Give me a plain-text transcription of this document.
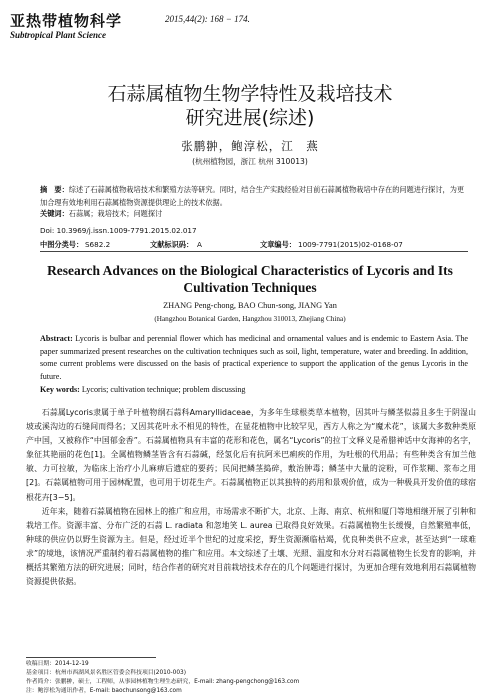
亚热带植物科学
Subtropical Plant Science
2015,44(2): 168 − 174.
石蒜属植物生物学特性及栽培技术
研究进展(综述)
张鹏翀，鲍淳松，江　燕
(杭州植物园，浙江 杭州 310013)
摘　要：综述了石蒜属植物栽培技术和繁殖方法等研究。同时，结合生产实践经验对目前石蒜属植物栽培中存在的问题进行探讨，为更加合理有效地利用石蒜属植物资源提供理论上的技术依据。
关键词：石蒜属；栽培技术；问题探讨
Doi: 10.3969/j.issn.1009-7791.2015.02.017
中图分类号： S682.2	文献标识码： A	文章编号： 1009-7791(2015)02-0168-07
Research Advances on the Biological Characteristics of Lycoris and Its
Cultivation Techniques
ZHANG Peng-chong, BAO Chun-song, JIANG Yan
(Hangzhou Botanical Garden, Hangzhou 310013, Zhejiang China)
Abstract: Lycoris is bulbar and perennial flower which has medicinal and ornamental values and is endemic to Eastern Asia. The paper summarized present researches on the cultivation techniques such as soil, light, temperature, water and breeding. In addition, some current problems were discussed on the basis of practical experience to support the application of the genus Lycoris in the future.
Key words: Lycoris; cultivation technique; problem discussing

石蒜属Lycoris隶属于单子叶植物纲石蒜科Amaryllidaceae，为多年生球根类草本植物，因其叶与鳞茎似蒜且多生于阴湿山坡或溪沟边的石缝间而得名；又因其花叶永不相见的特性，在显花植物中比较罕见，西方人称之为“魔术花”，该属大多数种类原产中国，又被称作“中国郁金香”。石蒜属植物具有丰富的花形和花色，属名“Lycoris”的拉丁文释义是希腊神话中女海神的名字，象征其艳丽的花色[1]。全属植物鳞茎皆含有石蒜碱，经氢化后有抗阿米巴痢疾的作用，为吐根的代用品；有些种类含有加兰他敏、力可拉敏，为临床上治疗小儿麻痹后遗症的要药；民间把鳞茎捣碎，敷治肿毒；鳞茎中大量的淀粉，可作浆糊、浆布之用[2]。石蒜属植物可用于园林配置，也可用于切花生产。石蒜属植物正以其独特的药用和景观价值，成为一种极具开发价值的球宿根花卉[3−5]。

近年来，随着石蒜属植物在园林上的推广和应用，市场需求不断扩大，北京、上海、南京、杭州和厦门等地相继开展了引种和栽培工作。资源丰富、分布广泛的石蒜 L. radiata 和忽地笑 L. aurea 已取得良好效果。石蒜属植物生长缓慢，自然繁殖率低，种球的供应仍以野生资源为主。但是，经过近半个世纪的过度采挖，野生资源濒临枯竭，优良种类供不应求，甚至达到“一球难求”的境地，该情况严重制约着石蒜属植物的推广和应用。本文综述了土壤、光照、温度和水分对石蒜属植物生长发育的影响，并概括其繁殖方法的研究进展；同时，结合作者的研究对目前栽培技术存在的几个问题进行探讨，为更加合理有效地利用石蒜属植物资源提供依据。

收稿日期：2014-12-19
基金项目：杭州市西湖风景名胜区管委会科技项目(2010-003)
作者简介：张鹏翀，硕士，工程师，从事园林植物生理生态研究，E-mail: zhang-pengchong@163.com
注：鲍淳松为通讯作者，E-mail: baochunsong@163.com
